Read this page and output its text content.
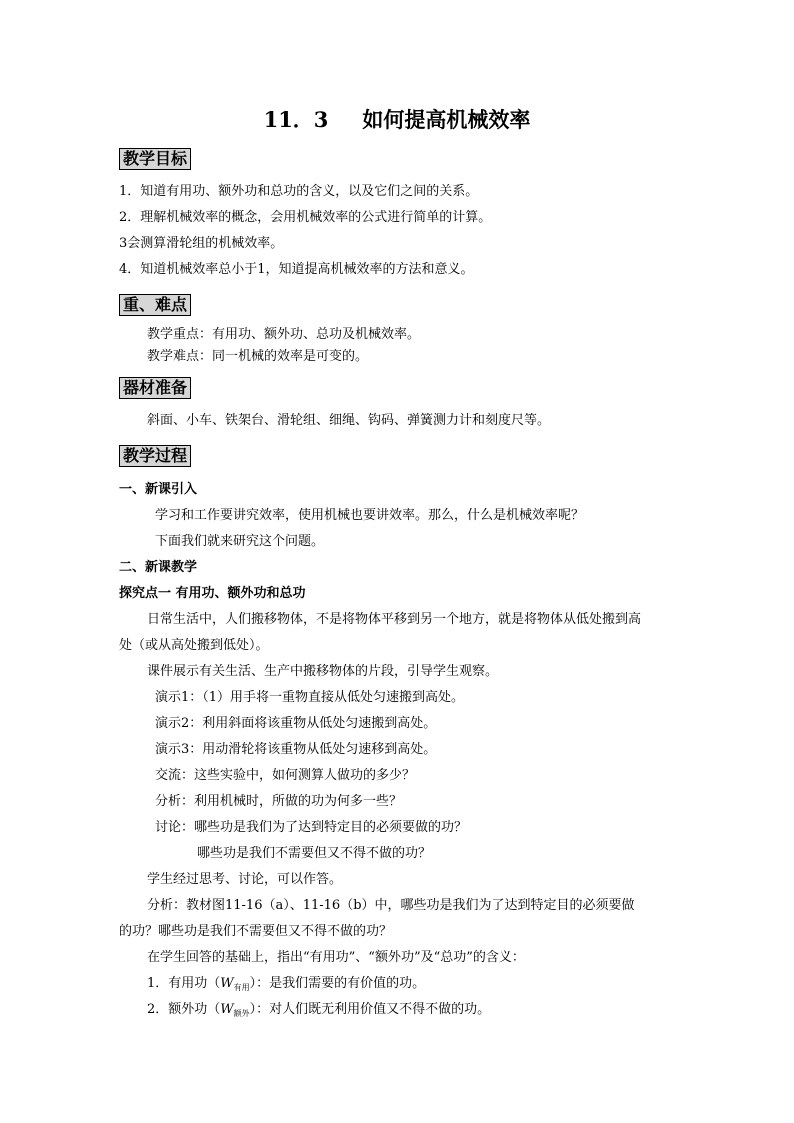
11．3 如何提高机械效率
教学目标
1．知道有用功、额外功和总功的含义，以及它们之间的关系。
2．理解机械效率的概念，会用机械效率的公式进行简单的计算。
3会测算滑轮组的机械效率。
4．知道机械效率总小于1，知道提高机械效率的方法和意义。
重、难点
教学重点：有用功、额外功、总功及机械效率。
教学难点：同一机械的效率是可变的。
器材准备
斜面、小车、铁架台、滑轮组、细绳、钩码、弹簧测力计和刻度尺等。
教学过程
一、新课引入
学习和工作要讲究效率，使用机械也要讲效率。那么，什么是机械效率呢？
下面我们就来研究这个问题。
二、新课教学
探究点一 有用功、额外功和总功
日常生活中，人们搬移物体，不是将物体平移到另一个地方，就是将物体从低处搬到高
处（或从高处搬到低处）。
课件展示有关生活、生产中搬移物体的片段，引导学生观察。
演示1：（1）用手将一重物直接从低处匀速搬到高处。
演示2：利用斜面将该重物从低处匀速搬到高处。
演示3：用动滑轮将该重物从低处匀速移到高处。
交流：这些实验中，如何测算人做功的多少？
分析：利用机械时，所做的功为何多一些？
讨论：哪些功是我们为了达到特定目的必须要做的功？
哪些功是我们不需要但又不得不做的功？
学生经过思考、讨论，可以作答。
分析：教材图11-16（a）、11-16（b）中，哪些功是我们为了达到特定目的必须要做
的功？哪些功是我们不需要但又不得不做的功？
在学生回答的基础上，指出“有用功”、“额外功”及“总功”的含义：
1．有用功$(W_{有用})$：是我们需要的有价值的功。
2．额外功$(W_{额外})$：对人们既无利用价值又不得不做的功。
